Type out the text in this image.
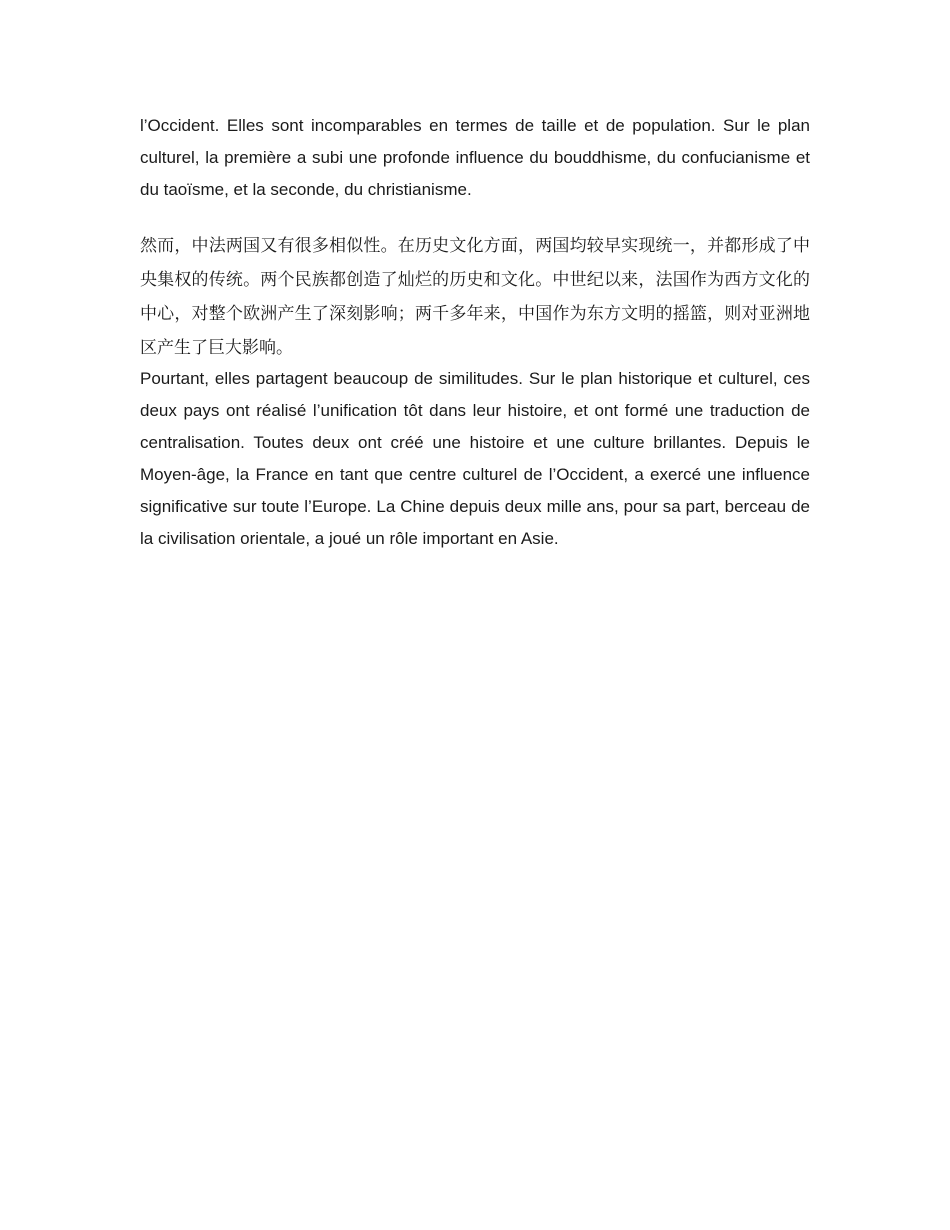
l’Occident. Elles sont incomparables en termes de taille et de population. Sur le plan culturel, la première a subi une profonde influence du bouddhisme, du confucianisme et du taoïsme, et la seconde, du christianisme.

然而，中法两国又有很多相似性。在历史文化方面，两国均较早实现统一，并都形成了中央集权的传统。两个民族都创造了灿烂的历史和文化。中世纪以来，法国作为西方文化的中心，对整个欧洲产生了深刻影响；两千多年来，中国作为东方文明的摇篮，则对亚洲地区产生了巨大影响。

Pourtant, elles partagent beaucoup de similitudes. Sur le plan historique et culturel, ces deux pays ont réalisé l’unification tôt dans leur histoire, et ont formé une traduction de centralisation. Toutes deux ont créé une histoire et une culture brillantes. Depuis le Moyen-âge, la France en tant que centre culturel de l’Occident, a exercé une influence significative sur toute l’Europe. La Chine depuis deux mille ans, pour sa part, berceau de la civilisation orientale, a joué un rôle important en Asie.
